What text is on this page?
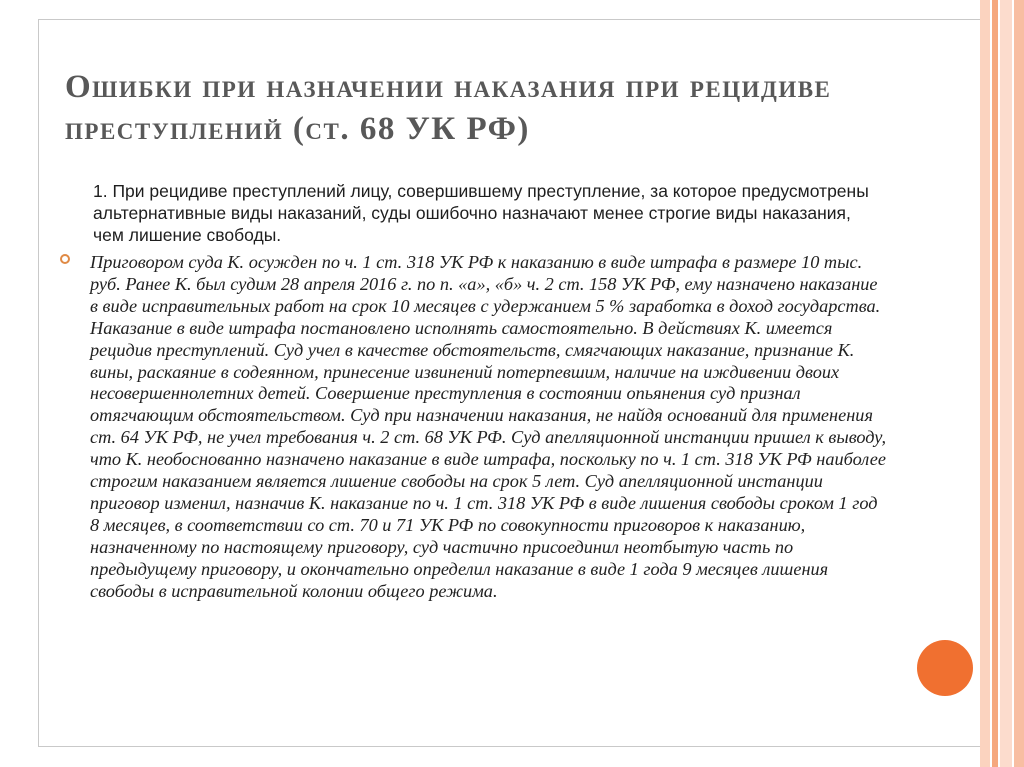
Ошибки при назначении наказания при рецидиве преступлений (ст. 68 УК РФ)

1. При рецидиве преступлений лицу, совершившему преступление, за которое предусмотрены альтернативные виды наказаний, суды ошибочно назначают менее строгие виды наказания, чем лишение свободы.

Приговором суда К. осужден по ч. 1 ст. 318 УК РФ к наказанию в виде штрафа в размере 10 тыс. руб. Ранее К. был судим 28 апреля 2016 г. по п. «а», «б» ч. 2 ст. 158 УК РФ, ему назначено наказание в виде исправительных работ на срок 10 месяцев с удержанием 5 % заработка в доход государства. Наказание в виде штрафа постановлено исполнять самостоятельно. В действиях К. имеется рецидив преступлений. Суд учел в качестве обстоятельств, смягчающих наказание, признание К. вины, раскаяние в содеянном, принесение извинений потерпевшим, наличие на иждивении двоих несовершеннолетних детей. Совершение преступления в состоянии опьянения суд признал отягчающим обстоятельством. Суд при назначении наказания, не найдя оснований для применения ст. 64 УК РФ, не учел требования ч. 2 ст. 68 УК РФ. Суд апелляционной инстанции пришел к выводу, что К. необоснованно назначено наказание в виде штрафа, поскольку по ч. 1 ст. 318 УК РФ наиболее строгим наказанием является лишение свободы на срок 5 лет. Суд апелляционной инстанции приговор изменил, назначив К. наказание по ч. 1 ст. 318 УК РФ в виде лишения свободы сроком 1 год 8 месяцев, в соответствии со ст. 70 и 71 УК РФ по совокупности приговоров к наказанию, назначенному по настоящему приговору, суд частично присоединил неотбытую часть по предыдущему приговору, и окончательно определил наказание в виде 1 года 9 месяцев лишения свободы в исправительной колонии общего режима.
